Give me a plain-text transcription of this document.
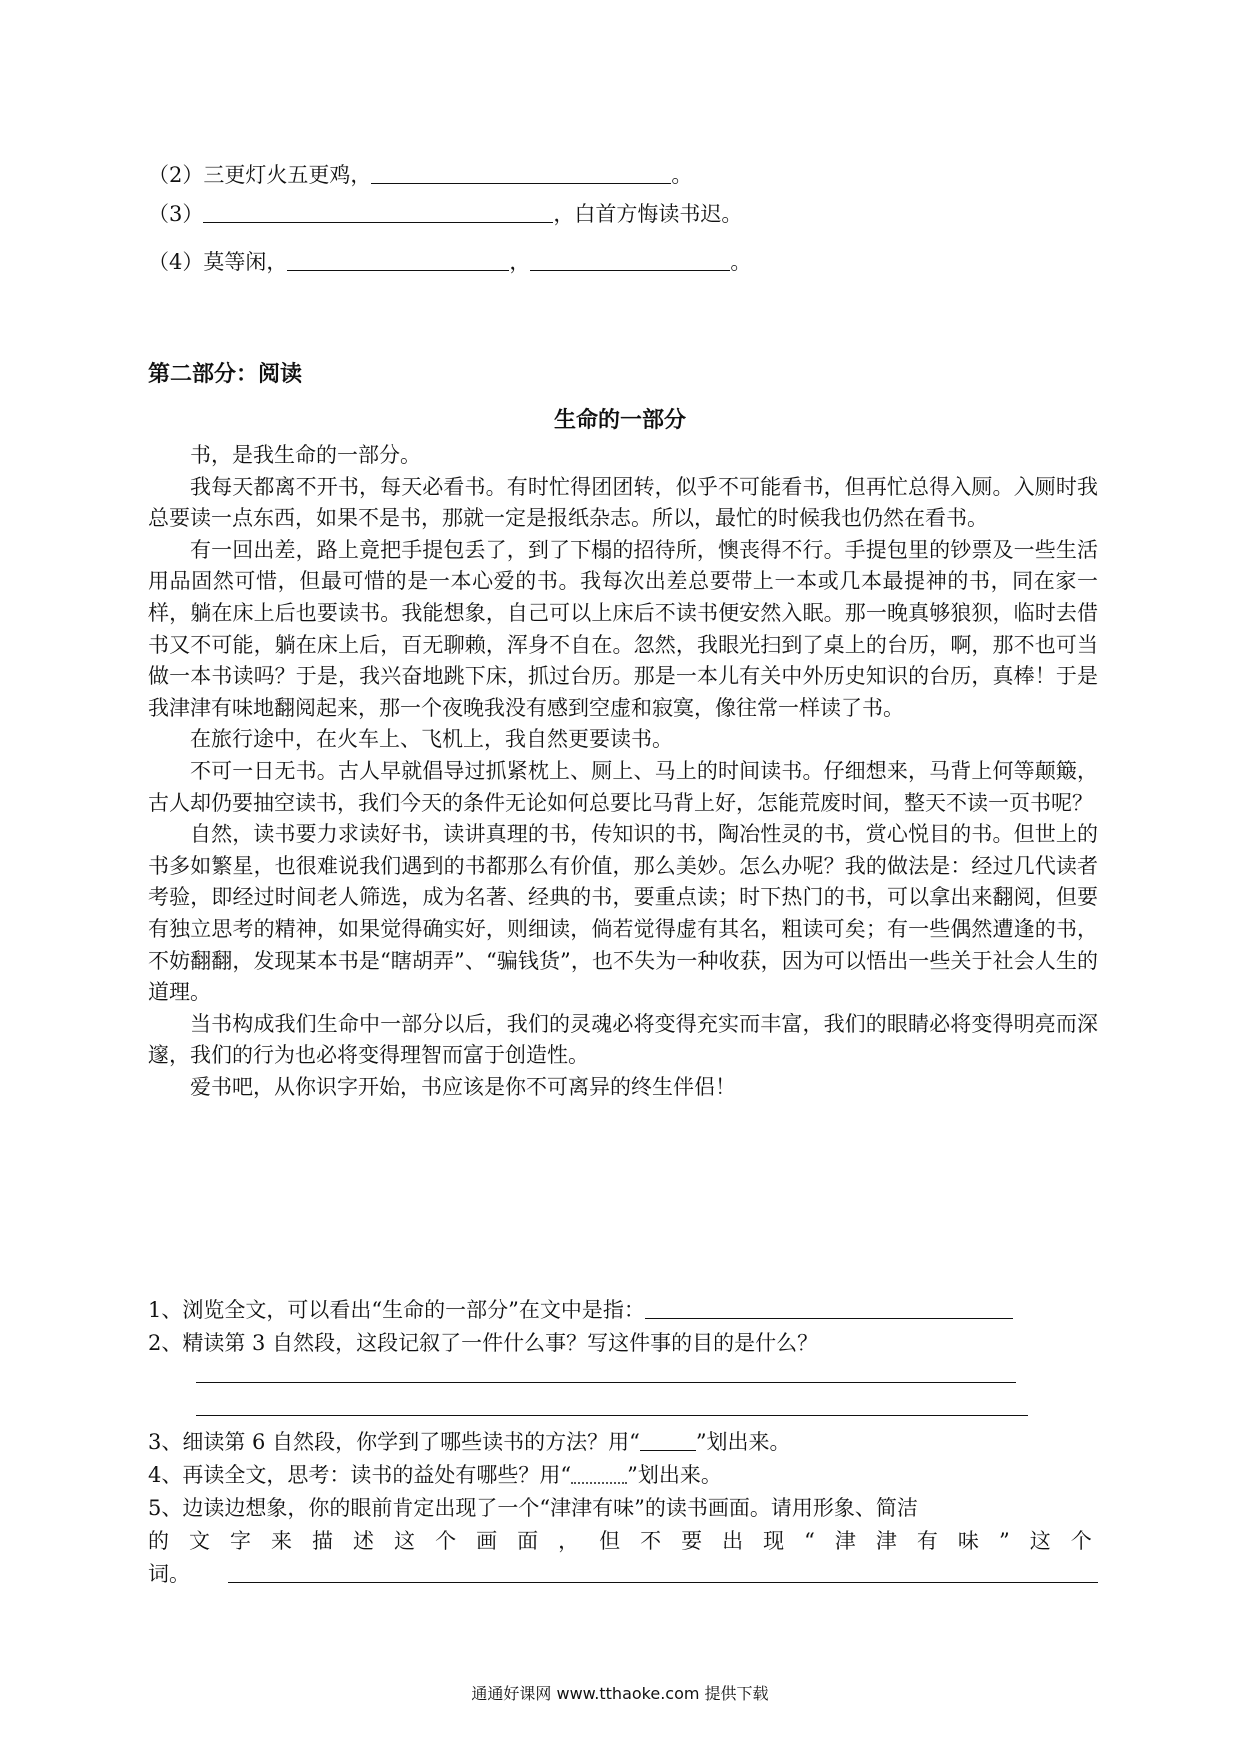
（2）三更灯火五更鸡，	。
（3）	，白首方悔读书迟。
（4）莫等闲，	，	。
第二部分：阅读
生命的一部分

书，是我生命的一部分。

我每天都离不开书，每天必看书。有时忙得团团转，似乎不可能看书，但再忙总得入厕。入厕时我总要读一点东西，如果不是书，那就一定是报纸杂志。所以，最忙的时候我也仍然在看书。

有一回出差，路上竟把手提包丢了，到了下榻的招待所，懊丧得不行。手提包里的钞票及一些生活用品固然可惜，但最可惜的是一本心爱的书。我每次出差总要带上一本或几本最提神的书，同在家一样，躺在床上后也要读书。我能想象，自己可以上床后不读书便安然入眠。那一晚真够狼狈，临时去借书又不可能，躺在床上后，百无聊赖，浑身不自在。忽然，我眼光扫到了桌上的台历，啊，那不也可当做一本书读吗？于是，我兴奋地跳下床，抓过台历。那是一本儿有关中外历史知识的台历，真棒！于是我津津有味地翻阅起来，那一个夜晚我没有感到空虚和寂寞，像往常一样读了书。

在旅行途中，在火车上、飞机上，我自然更要读书。

不可一日无书。古人早就倡导过抓紧枕上、厕上、马上的时间读书。仔细想来，马背上何等颠簸，古人却仍要抽空读书，我们今天的条件无论如何总要比马背上好，怎能荒废时间，整天不读一页书呢？

自然，读书要力求读好书，读讲真理的书，传知识的书，陶冶性灵的书，赏心悦目的书。但世上的书多如繁星，也很难说我们遇到的书都那么有价值，那么美妙。怎么办呢？我的做法是：经过几代读者考验，即经过时间老人筛选，成为名著、经典的书，要重点读；时下热门的书，可以拿出来翻阅，但要有独立思考的精神，如果觉得确实好，则细读，倘若觉得虚有其名，粗读可矣；有一些偶然遭逢的书，不妨翻翻，发现某本书是“瞎胡弄”、“骗钱货”，也不失为一种收获，因为可以悟出一些关于社会人生的道理。

当书构成我们生命中一部分以后，我们的灵魂必将变得充实而丰富，我们的眼睛必将变得明亮而深邃，我们的行为也必将变得理智而富于创造性。

爱书吧，从你识字开始，书应该是你不可离异的终生伴侣！

1、浏览全文，可以看出“生命的一部分”在文中是指：
2、精读第 3 自然段，这段记叙了一件什么事？写这件事的目的是什么？
3、细读第 6 自然段，你学到了哪些读书的方法？用“	”划出来。
4、再读全文，思考：读书的益处有哪些？用“	”划出来。
5、边读边想象，你的眼前肯定出现了一个“津津有味”的读书画面。请用形象、简洁
的文字来描述这个画面，但不要出现“津津有味”这个
词。
通通好课网 www.tthaoke.com 提供下载
